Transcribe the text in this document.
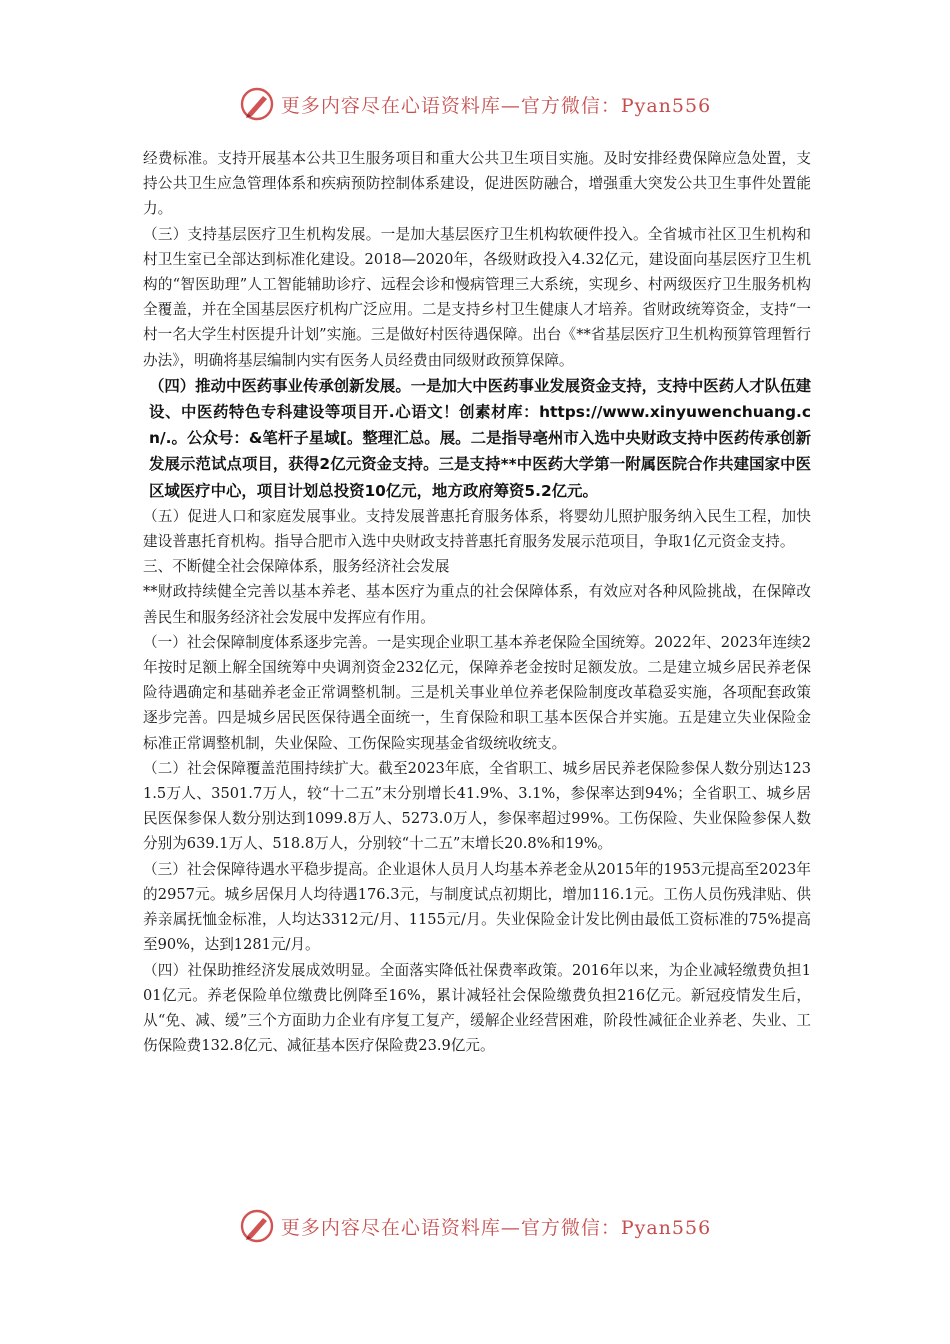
更多内容尽在心语资料库—官方微信：Pyan556

经费标准。支持开展基本公共卫生服务项目和重大公共卫生项目实施。及时安排经费保障应急处置，支持公共卫生应急管理体系和疾病预防控制体系建设，促进医防融合，增强重大突发公共卫生事件处置能力。

（三）支持基层医疗卫生机构发展。一是加大基层医疗卫生机构软硬件投入。全省城市社区卫生机构和村卫生室已全部达到标准化建设。2018—2020年，各级财政投入4.32亿元，建设面向基层医疗卫生机构的“智医助理”人工智能辅助诊疗、远程会诊和慢病管理三大系统，实现乡、村两级医疗卫生服务机构全覆盖，并在全国基层医疗机构广泛应用。二是支持乡村卫生健康人才培养。省财政统筹资金，支持“一村一名大学生村医提升计划”实施。三是做好村医待遇保障。出台《**省基层医疗卫生机构预算管理暂行办法》，明确将基层编制内实有医务人员经费由同级财政预算保障。

（四）推动中医药事业传承创新发展。一是加大中医药事业发展资金支持，支持中医药人才队伍建设、中医药特色专科建设等项目开.心语文！创素材库：https://www.xinyuwenchuang.cn/.。公众号：&笔杆子星域[。整理汇总。展。二是指导亳州市入选中央财政支持中医药传承创新发展示范试点项目，获得2亿元资金支持。三是支持**中医药大学第一附属医院合作共建国家中医区域医疗中心，项目计划总投资10亿元，地方政府筹资5.2亿元。

（五）促进人口和家庭发展事业。支持发展普惠托育服务体系，将婴幼儿照护服务纳入民生工程，加快建设普惠托育机构。指导合肥市入选中央财政支持普惠托育服务发展示范项目，争取1亿元资金支持。

三、不断健全社会保障体系，服务经济社会发展

**财政持续健全完善以基本养老、基本医疗为重点的社会保障体系，有效应对各种风险挑战，在保障改善民生和服务经济社会发展中发挥应有作用。

（一）社会保障制度体系逐步完善。一是实现企业职工基本养老保险全国统筹。2022年、2023年连续2年按时足额上解全国统筹中央调剂资金232亿元，保障养老金按时足额发放。二是建立城乡居民养老保险待遇确定和基础养老金正常调整机制。三是机关事业单位养老保险制度改革稳妥实施，各项配套政策逐步完善。四是城乡居民医保待遇全面统一，生育保险和职工基本医保合并实施。五是建立失业保险金标准正常调整机制，失业保险、工伤保险实现基金省级统收统支。

（二）社会保障覆盖范围持续扩大。截至2023年底，全省职工、城乡居民养老保险参保人数分别达1231.5万人、3501.7万人，较“十二五”末分别增长41.9%、3.1%，参保率达到94%；全省职工、城乡居民医保参保人数分别达到1099.8万人、5273.0万人，参保率超过99%。工伤保险、失业保险参保人数分别为639.1万人、518.8万人，分别较“十二五”末增长20.8%和19%。

（三）社会保障待遇水平稳步提高。企业退休人员月人均基本养老金从2015年的1953元提高至2023年的2957元。城乡居保月人均待遇176.3元，与制度试点初期比，增加116.1元。工伤人员伤残津贴、供养亲属抚恤金标准，人均达3312元/月、1155元/月。失业保险金计发比例由最低工资标准的75%提高至90%，达到1281元/月。

（四）社保助推经济发展成效明显。全面落实降低社保费率政策。2016年以来，为企业减轻缴费负担101亿元。养老保险单位缴费比例降至16%，累计减轻社会保险缴费负担216亿元。新冠疫情发生后，从“免、减、缓”三个方面助力企业有序复工复产，缓解企业经营困难，阶段性减征企业养老、失业、工伤保险费132.8亿元、减征基本医疗保险费23.9亿元。

更多内容尽在心语资料库—官方微信：Pyan556
